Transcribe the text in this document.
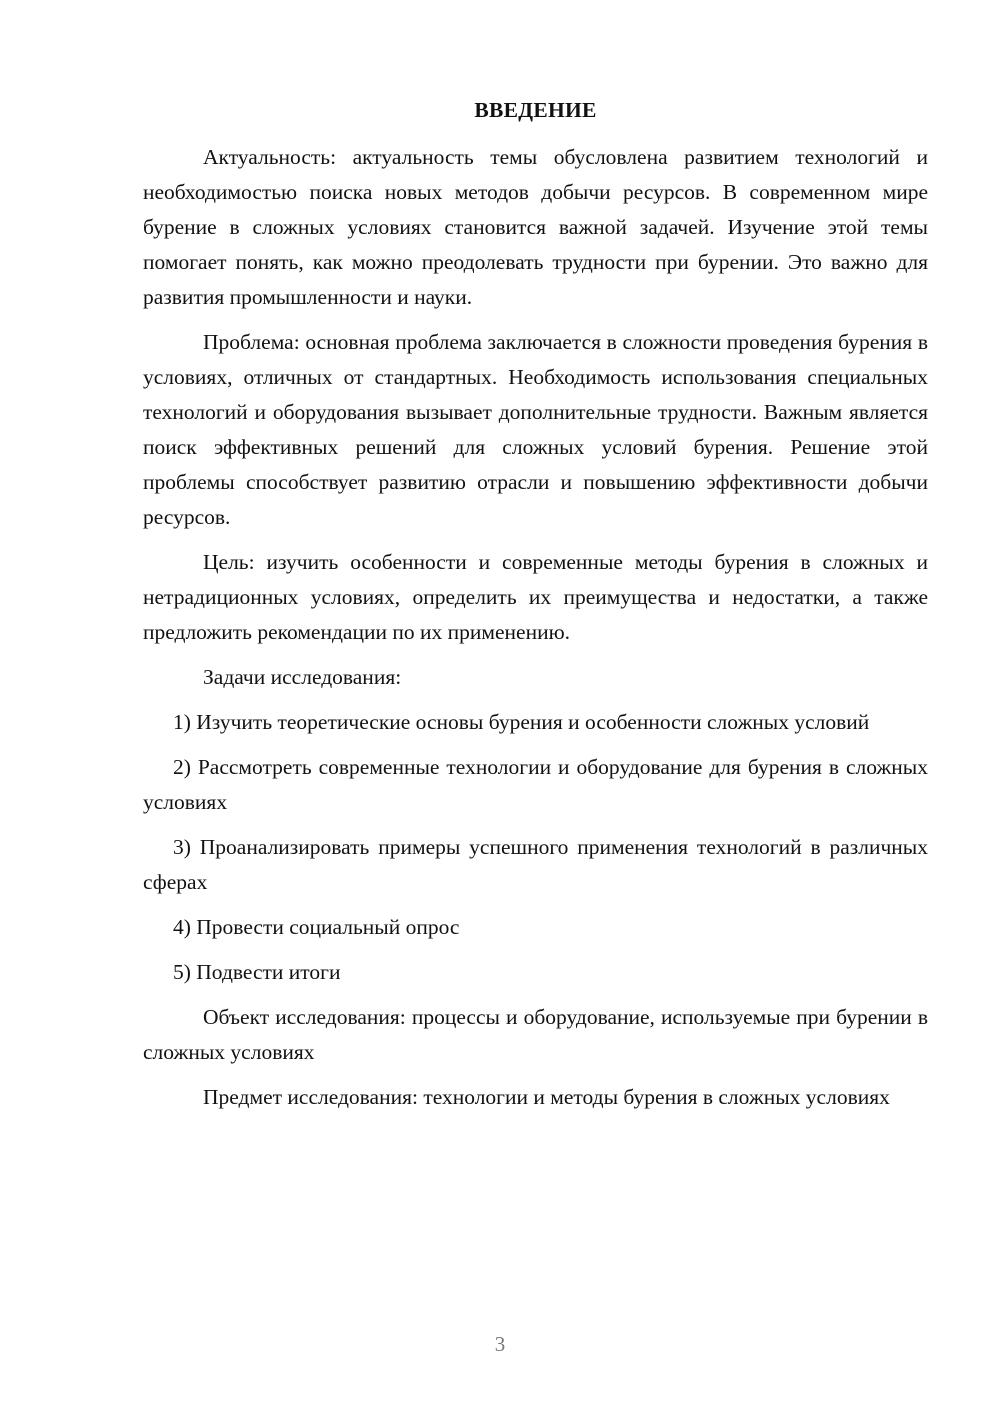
ВВЕДЕНИЕ

Актуальность: актуальность темы обусловлена развитием технологий и необходимостью поиска новых методов добычи ресурсов. В современном мире бурение в сложных условиях становится важной задачей. Изучение этой темы помогает понять, как можно преодолевать трудности при бурении. Это важно для развития промышленности и науки.

Проблема: основная проблема заключается в сложности проведения бурения в условиях, отличных от стандартных. Необходимость использования специальных технологий и оборудования вызывает дополнительные трудности. Важным является поиск эффективных решений для сложных условий бурения. Решение этой проблемы способствует развитию отрасли и повышению эффективности добычи ресурсов.

Цель: изучить особенности и современные методы бурения в сложных и нетрадиционных условиях, определить их преимущества и недостатки, а также предложить рекомендации по их применению.

Задачи исследования:

1) Изучить теоретические основы бурения и особенности сложных условий

2) Рассмотреть современные технологии и оборудование для бурения в сложных условиях

3) Проанализировать примеры успешного применения технологий в различных сферах

4) Провести социальный опрос

5) Подвести итоги

Объект исследования: процессы и оборудование, используемые при бурении в сложных условиях

Предмет исследования: технологии и методы бурения в сложных условиях

3
